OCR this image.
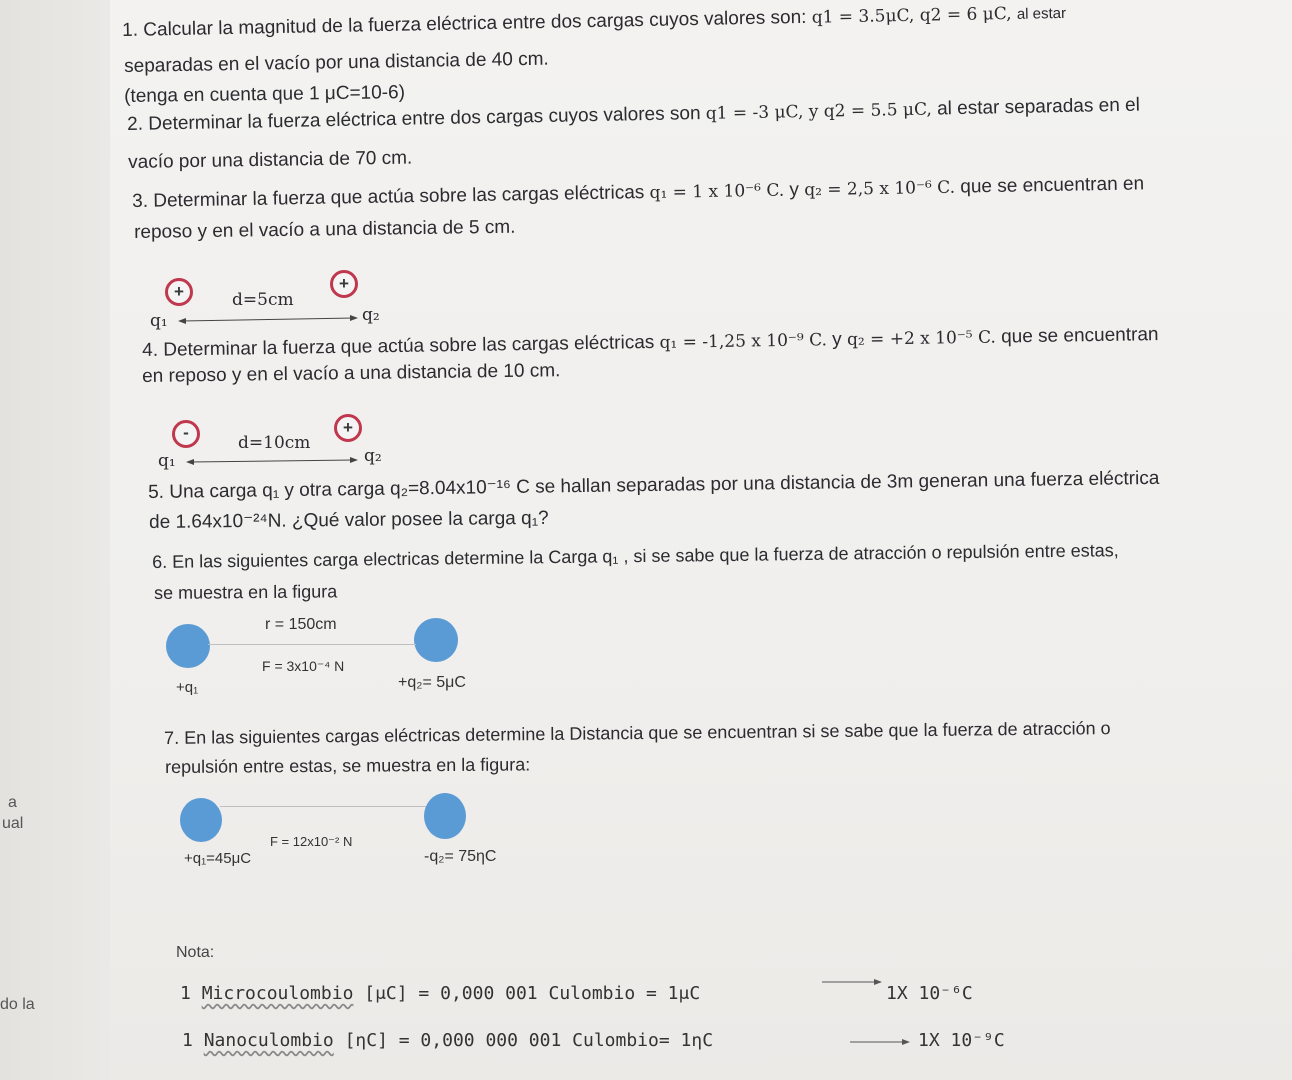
a
ual
do la
1. Calcular la magnitud de la fuerza eléctrica entre dos cargas cuyos valores son: q1 = 3.5μC, q2 = 6 μC, al estar
separadas en el vacío por una distancia de 40 cm.
(tenga en cuenta que 1 μC=10-6)
2. Determinar la fuerza eléctrica entre dos cargas cuyos valores son q1 = -3 μC, y q2 = 5.5 μC, al estar separadas en el
vacío por una distancia de 70 cm.
3. Determinar la fuerza que actúa sobre las cargas eléctricas q₁ = 1 x 10⁻⁶ C. y q₂ = 2,5 x 10⁻⁶ C. que se encuentran en
reposo y en el vacío a una distancia de 5 cm.
+	+
d=5cm
q₁	q₂
4. Determinar la fuerza que actúa sobre las cargas eléctricas q₁ = -1,25 x 10⁻⁹ C. y q₂ = +2 x 10⁻⁵ C. que se encuentran
en reposo y en el vacío a una distancia de 10 cm.
-	+
d=10cm
q₁	q₂
5. Una carga q₁ y otra carga q₂=8.04x10⁻¹⁶ C se hallan separadas por una distancia de 3m generan una fuerza eléctrica
de 1.64x10⁻²⁴N. ¿Qué valor posee la carga q₁?
6. En las siguientes carga electricas determine la Carga q₁ , si se sabe que la fuerza de atracción o repulsión entre estas,
se muestra en la figura
r = 150cm
F = 3x10⁻⁴ N
+q₁	+q₂= 5μC
7. En las siguientes cargas eléctricas determine la Distancia que se encuentran si se sabe que la fuerza de atracción o
repulsión entre estas, se muestra en la figura:
F = 12x10⁻² N
+q₁=45μC	-q₂= 75ηC
Nota:
1 Microcoulombio [μC] = 0,000 001 Culombio = 1μC	1X 10⁻⁶C
1 Nanoculombio [ηC] = 0,000 000 001 Culombio= 1ηC	1X 10⁻⁹C
